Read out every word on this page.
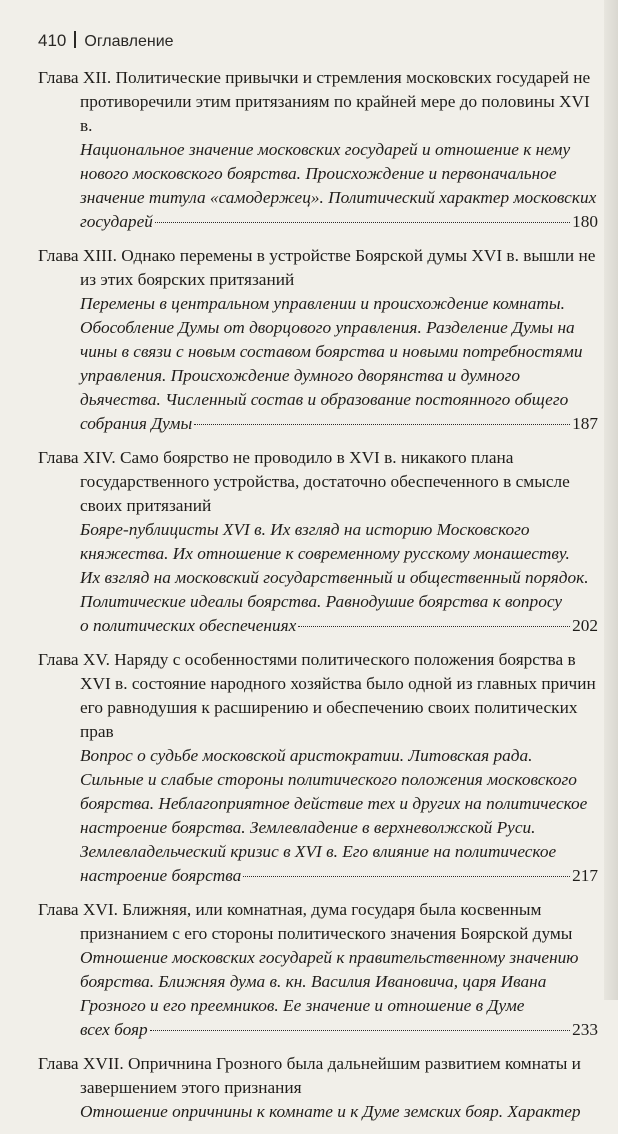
410 Оглавление
Глава XII. Политические привычки и стремления московских государей не противоречили этим притязаниям по крайней мере до половины XVI в.
Национальное значение московских государей и отношение к нему
нового московского боярства. Происхождение и первоначальное
значение титула «самодержец». Политический характер московских
государей	180
Глава XIII. Однако перемены в устройстве Боярской думы XVI в. вышли не из этих боярских притязаний
Перемены в центральном управлении и происхождение комнаты.
Обособление Думы от дворцового управления. Разделение Думы на
чины в связи с новым составом боярства и новыми потребностями
управления. Происхождение думного дворянства и думного
дьячества. Численный состав и образование постоянного общего
собрания Думы	187
Глава XIV. Само боярство не проводило в XVI в. никакого плана государственного устройства, достаточно обеспеченного в смысле своих притязаний
Бояре-публицисты XVI в. Их взгляд на историю Московского
княжества. Их отношение к современному русскому монашеству.
Их взгляд на московский государственный и общественный порядок.
Политические идеалы боярства. Равнодушие боярства к вопросу
о политических обеспечениях	202
Глава XV. Наряду с особенностями политического положения боярства в XVI в. состояние народного хозяйства было одной из главных причин его равнодушия к расширению и обеспечению своих политических прав
Вопрос о судьбе московской аристократии. Литовская рада.
Сильные и слабые стороны политического положения московского
боярства. Неблагоприятное действие тех и других на политическое
настроение боярства. Землевладение в верхневолжской Руси.
Землевладельческий кризис в XVI в. Его влияние на политическое
настроение боярства	217
Глава XVI. Ближняя, или комнатная, дума государя была косвенным признанием с его стороны политического значения Боярской думы
Отношение московских государей к правительственному значению
боярства. Ближняя дума в. кн. Василия Ивановича, царя Ивана
Грозного и его преемников. Ее значение и отношение в Думе
всех бояр	233
Глава XVII. Опричнина Грозного была дальнейшим развитием комнаты и завершением этого признания
Отношение опричнины к комнате и к Думе земских бояр. Характер
